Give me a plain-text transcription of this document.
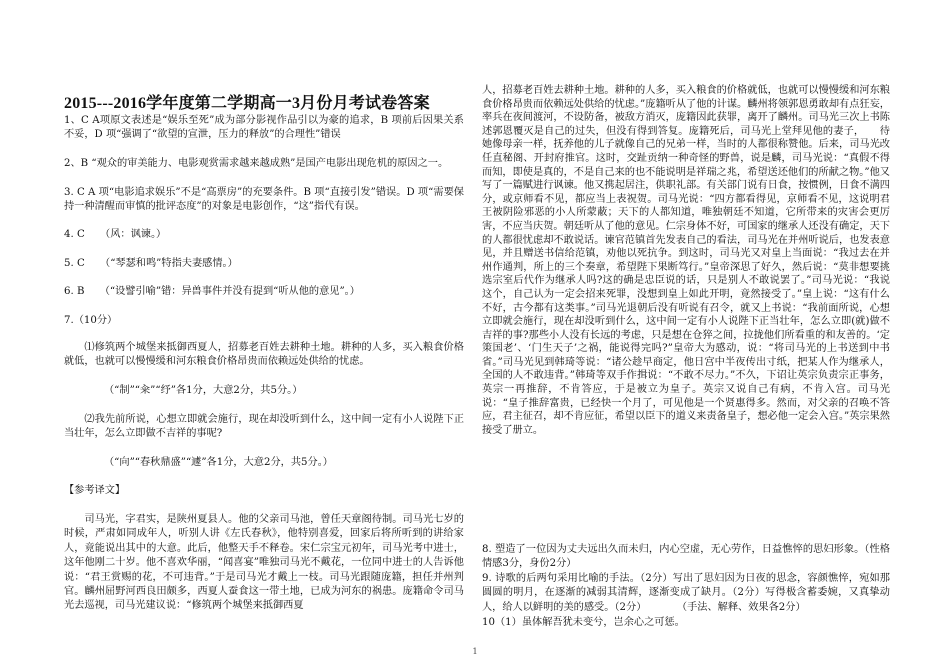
2015---2016学年度第二学期高一3月份月考试卷答案

1、C A项原文表述是“娱乐至死”成为部分影视作品引以为豪的追求，B 项前后因果关系不妥，D 项“强调了“欲望的宣泄，压力的释放”的合理性”错误

2、B “观众的审美能力、电影观赏需求越来越成熟”是国产电影出现危机的原因之一。

3. C A 项“电影追求娱乐”不是“高票房”的充要条件。B 项“直接引发”错误。D 项“需要保持一种清醒而审慎的批评态度”的对象是电影创作，“这”指代有误。

4. C　　（风：讽谏。）

5. C　　（“琴瑟和鸣”特指夫妻感情。）

6. B　　（“设譬引喻”错：异兽事件并没有提到“听从他的意见”。）

7.（10分）

⑴修筑两个城堡来抵御西夏人，招募老百姓去耕种土地。耕种的人多，买入粮食价格就低，也就可以慢慢缓和河东粮食价格昂贵而依赖远处供给的忧虑。

（“制”“籴”“纾”各1分，大意2分，共5分。）

⑵我先前所说，心想立即就会施行，现在却没听到什么，这中间一定有小人说陛下正当壮年，怎么立即做不吉祥的事呢?

（“向”“春秋鼎盛”“遽”各1分，大意2分，共5分。）

【参考译文】

司马光，字君实，是陕州夏县人。他的父亲司马池，曾任天章阁待制。司马光七岁的时候，严肃如同成年人，听别人讲《左氏春秋》，他特别喜爱，回家后将所听到的讲给家人，竟能说出其中的大意。此后，他整天手不释卷。宋仁宗宝元初年，司马光考中进士，这年他刚二十岁。他不喜欢华丽，“闻喜宴”唯独司马光不戴花，一位同中进士的人告诉他说：“君王赏赐的花，不可违背。”于是司马光才戴上一枝。司马光跟随庞籍，担任并州判官。麟州屈野河西良田颇多，西夏人蚕食这一带土地，已成为河东的祸患。庞籍命令司马光去巡视，司马光建议说：“修筑两个城堡来抵御西夏

人，招募老百姓去耕种土地。耕种的人多，买入粮食的价格就低，也就可以慢慢缓和河东粮食价格昂贵而依赖远处供给的忧虑。”庞籍听从了他的计谋。麟州将领郭恩勇敢却有点狂妄，率兵在夜间渡河，不设防备，被敌方消灭，庞籍因此获罪，离开了麟州。司马光三次上书陈述郭恩覆灭是自己的过失，但没有得到答复。庞籍死后，司马光上堂拜见他的妻子，　　待她像母亲一样，抚养他的儿子就像自己的兄弟一样，当时的人都很称赞他。后来，司马光改任直秘阁、开封府推官。这时，交趾贡纳一种奇怪的野兽，说是麟，司马光说：“真假不得而知，即使是真的，不是自己来的也不能说明是祥瑞之兆，希望送还他们的所献之物。”他又写了一篇赋进行讽谏。他又携起居注，供职礼部。有关部门说有日食，按惯例，日食不满四分，或京师看不见，都应当上表祝贺。司马光说：“四方都看得见，京师看不见，这说明君王被阴险邪恶的小人所蒙蔽；天下的人都知道，唯独朝廷不知道，它所带来的灾害会更厉害，不应当庆贺。朝廷听从了他的意见。仁宗身体不好，可国家的继承人还没有确定，天下的人都很忧虑却不敢说话。谏官范镇首先发表自己的看法，司马光在并州听说后，也发表意见，并且赠送书信给范镇，劝他以死抗争。到这时，司马光又对皇上当面说：“我过去在并州作通判，所上的三个奏章，希望陛下果断笃行。”皇帝深思了好久，然后说：“莫非想要挑选宗室后代作为继承人吗?这的确是忠臣说的话，只是别人不敢说罢了。”司马光说：“我说这个，自己认为一定会招来死罪，没想到皇上如此开明，竟然接受了。”皇上说：“这有什么不好，古今都有这类事。”司马光退朝后没有听说有召令，就又上书说：“我前面所说，心想立即就会施行，现在却没听到什么，这中间一定有小人说陛下正当壮年，怎么立即(就)做不吉祥的事?那些小人没有长远的考虑，只是想在仓猝之间，拉拢他们所看重的和友善的。‘定策国老’、‘门生天子’之祸，能说得完吗?”皇帝大为感动，说：“将司马光的上书送到中书省。”司马光见到韩琦等说：“诸公趁早商定，他日宫中半夜传出寸纸，把某人作为继承人，全国的人不敢违背。”韩琦等双手作揖说：“不敢不尽力。”不久，下诏让英宗负责宗正事务，英宗一再推辞，不肯答应，于是被立为皇子。英宗又说自己有病，不肯入宫。司马光说：“皇子推辞富贵，已经快一个月了，可见他是一个贤惠得多。然而，对父亲的召唤不答应，君主征召，却不肯应征，希望以臣下的道义来责备皇子，想必他一定会入宫。”英宗果然接受了册立。

8. 塑造了一位因为丈夫远出久而未归，内心空虚，无心劳作，日益憔悴的思妇形象。（性格情感3分，身份2分）

9. 诗歌的后两句采用比喻的手法。（2分）写出了思妇因为日夜的思念，容颜憔悴，宛如那圆圆的明月，在逐渐的减弱其清辉，逐渐变成了缺月。（2分）写得极含蓄委婉，又真挚动人，给人以鲜明的美的感受。（2分）　　　　（手法、解释、效果各2分）

10（1）虽体解吾犹未变兮，岂余心之可惩。

1
